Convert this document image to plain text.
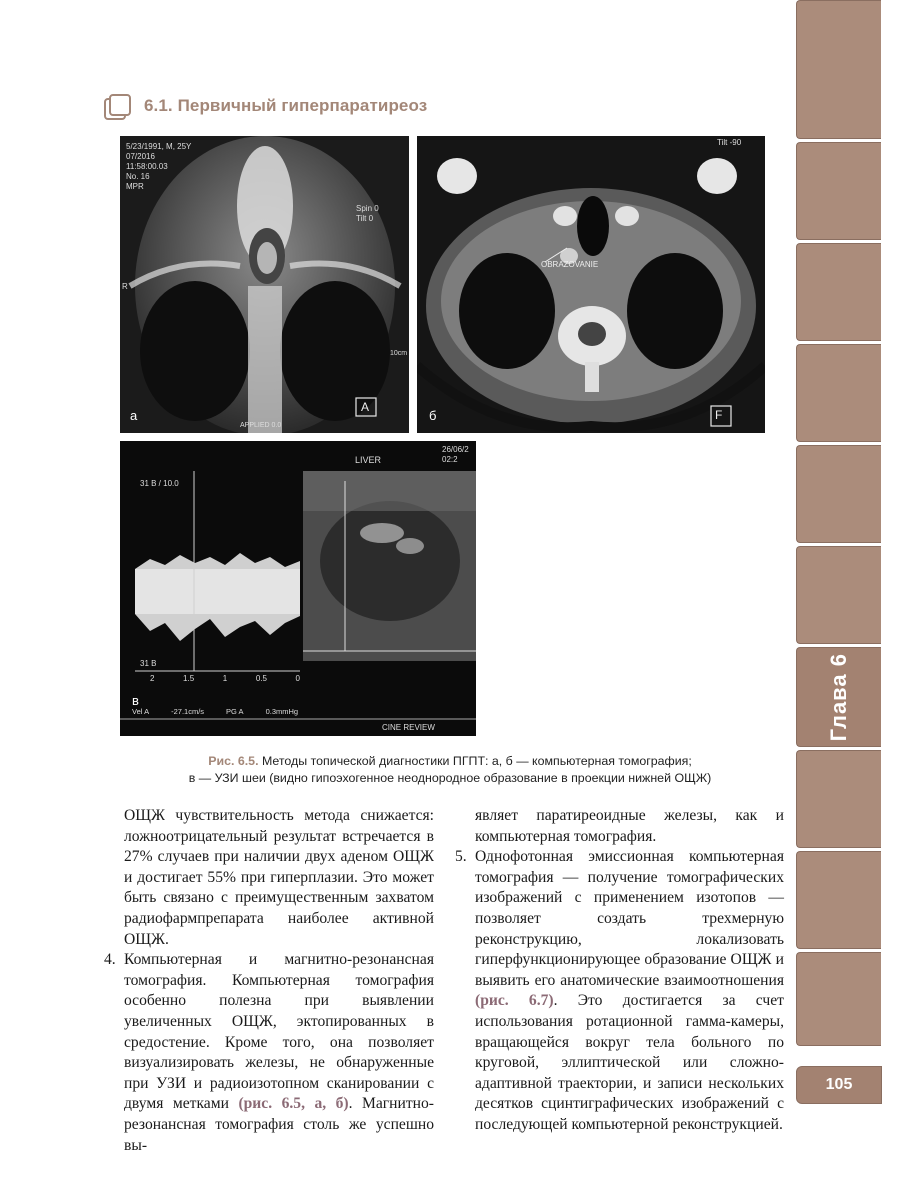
6.1. Первичный гиперпаратиреоз
Глава 6
105
5/23/1991, M, 25Y
07/2016
11:58:00.03
No. 16
MPR
Spin 0
Tilt 0
R
10cm
APPLIED 0.0
A
а
Tilt -90
OBRAZOVANIE
F
б
LIVER
26/06/2
02:2
31 B / 10.0
31 B
2	1.5	1	0.5	0
Vel A	-27.1cm/s	PG A	0.3mmHg
CINE REVIEW
в
Рис. 6.5. Методы топической диагностики ПГПТ: а, б — компьютерная томография;
в — УЗИ шеи (видно гипоэхогенное неоднородное образование в проекции нижней ОЩЖ)

ОЩЖ чувствительность метода снижается: ложноотрицательный результат встречается в 27% случаев при наличии двух аденом ОЩЖ и достигает 55% при гиперплазии. Это может быть связано с преимущественным захватом радиофармпрепарата наиболее активной ОЩЖ.

4. Компьютерная и магнитно-резонансная томография. Компьютерная томография особенно полезна при выявлении увеличенных ОЩЖ, эктопированных в средостение. Кроме того, она позволяет визуализировать железы, не обнаруженные при УЗИ и радиоизотопном сканировании с двумя метками (рис. 6.5, а, б). Магнитно-резонансная томография столь же успешно вы-

являет паратиреоидные железы, как и компьютерная томография.

5. Однофотонная эмиссионная компьютерная томография — получение томографических изображений с применением изотопов — позволяет создать трехмерную реконструкцию, локализовать гиперфункционирующее образование ОЩЖ и выявить его анатомические взаимоотношения (рис. 6.7). Это достигается за счет использования ротационной гамма-камеры, вращающейся вокруг тела больного по круговой, эллиптической или сложно-адаптивной траектории, и записи нескольких десятков сцинтиграфических изображений с последующей компьютерной реконструкцией.
